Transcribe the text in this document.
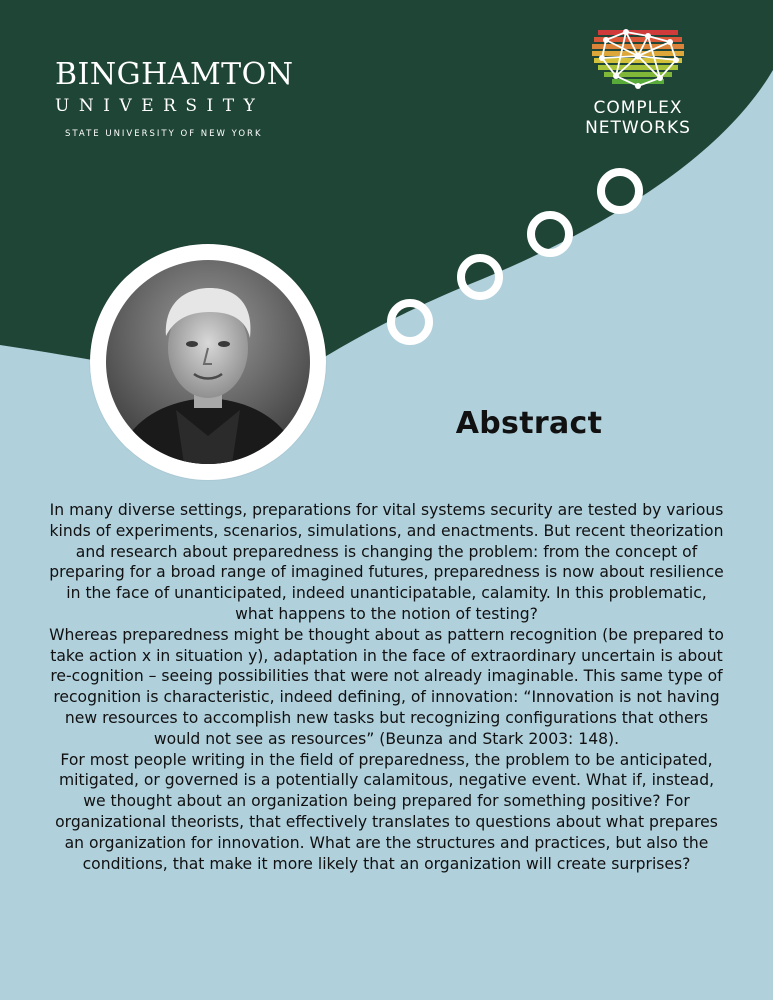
BINGHAMTON
UNIVERSITY
STATE UNIVERSITY OF NEW YORK
COMPLEX
NETWORKS
Abstract

In many diverse settings, preparations for vital systems security are tested by various kinds of experiments, scenarios, simulations, and enactments. But recent theorization and research about preparedness is changing the problem: from the concept of preparing for a broad range of imagined futures, preparedness is now about resilience in the face of unanticipated, indeed unanticipatable, calamity. In this problematic, what happens to the notion of testing?

Whereas preparedness might be thought about as pattern recognition (be prepared to take action x in situation y), adaptation in the face of extraordinary uncertain is about re-cognition – seeing possibilities that were not already imaginable. This same type of recognition is characteristic, indeed defining, of innovation: “Innovation is not having new resources to accomplish new tasks but recognizing configurations that others would not see as resources” (Beunza and Stark 2003: 148).

For most people writing in the field of preparedness, the problem to be anticipated, mitigated, or governed is a potentially calamitous, negative event. What if, instead, we thought about an organization being prepared for something positive? For organizational theorists, that effectively translates to questions about what prepares an organization for innovation. What are the structures and practices, but also the conditions, that make it more likely that an organization will create surprises?
